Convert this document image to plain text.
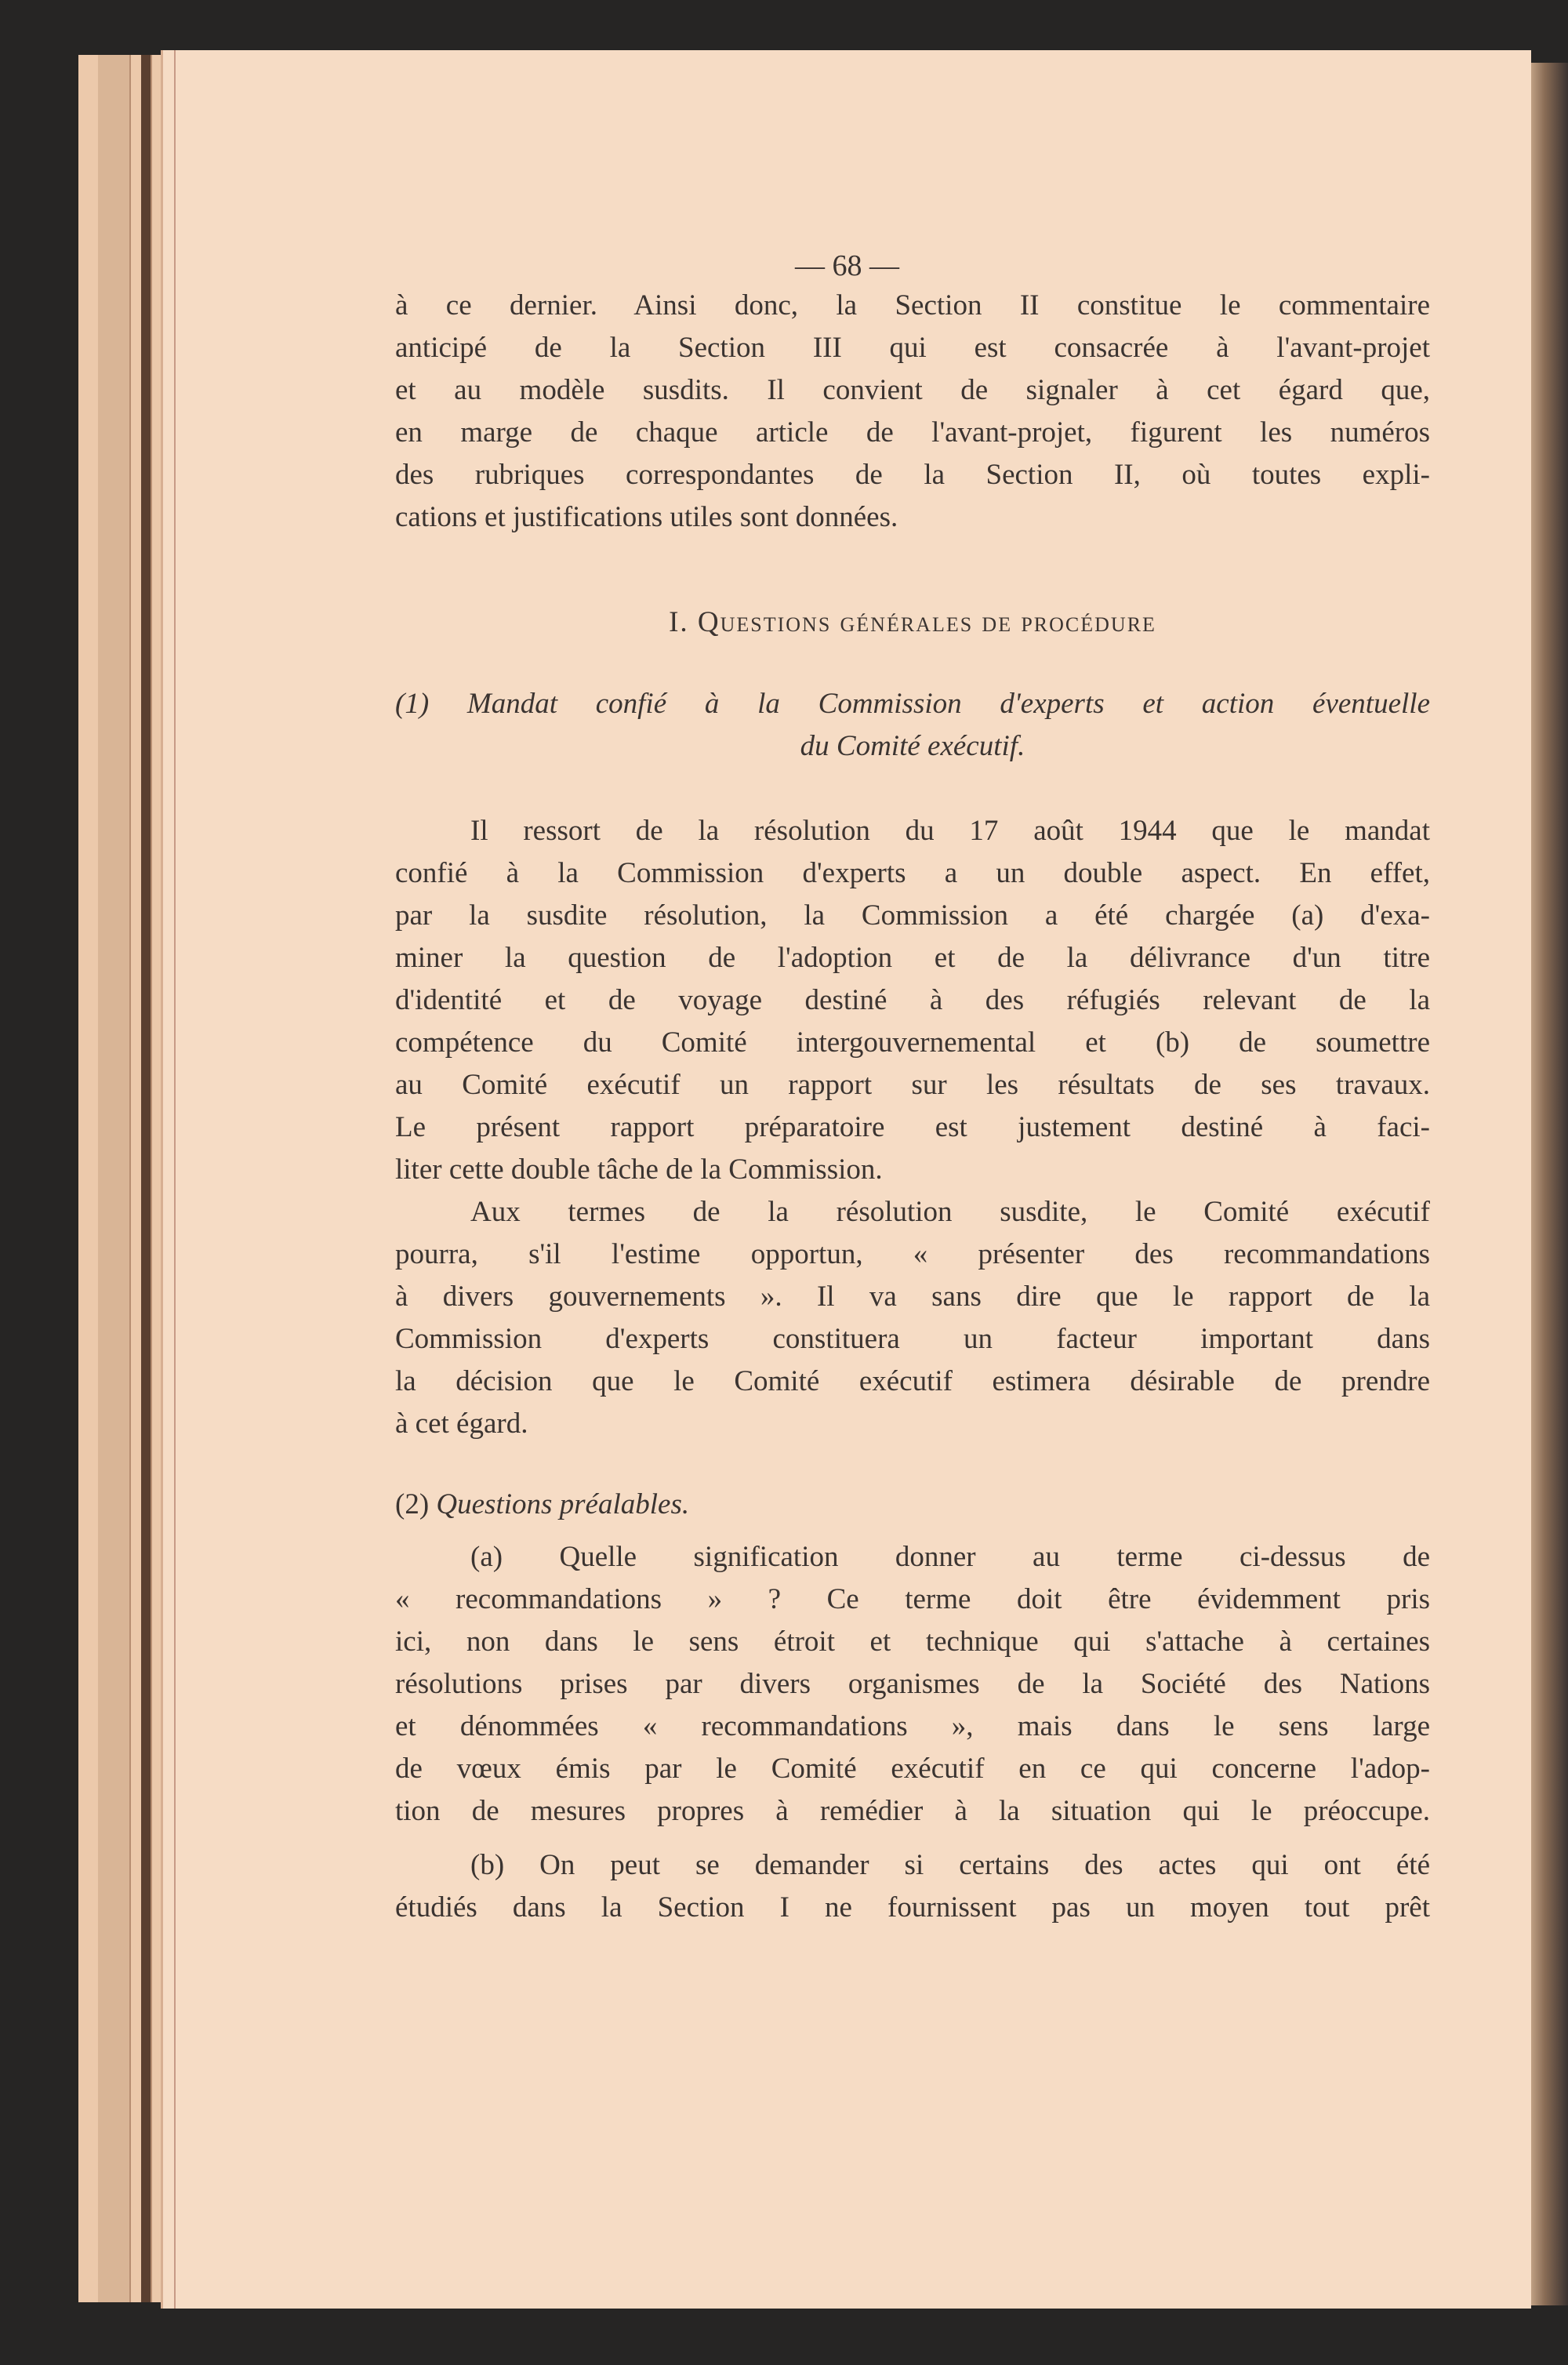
— 68 —
à ce dernier. Ainsi donc, la Section II constitue le commentaire
anticipé de la Section III qui est consacrée à l'avant-projet
et au modèle susdits. Il convient de signaler à cet égard que,
en marge de chaque article de l'avant-projet, figurent les numéros
des rubriques correspondantes de la Section II, où toutes expli-
cations et justifications utiles sont données.
I. Questions générales de procédure
(1) Mandat confié à la Commission d'experts et action éventuelle
du Comité exécutif.
Il ressort de la résolution du 17 août 1944 que le mandat
confié à la Commission d'experts a un double aspect. En effet,
par la susdite résolution, la Commission a été chargée (a) d'exa-
miner la question de l'adoption et de la délivrance d'un titre
d'identité et de voyage destiné à des réfugiés relevant de la
compétence du Comité intergouvernemental et (b) de soumettre
au Comité exécutif un rapport sur les résultats de ses travaux.
Le présent rapport préparatoire est justement destiné à faci-
liter cette double tâche de la Commission.
Aux termes de la résolution susdite, le Comité exécutif
pourra, s'il l'estime opportun, « présenter des recommandations
à divers gouvernements ». Il va sans dire que le rapport de la
Commission d'experts constituera un facteur important dans
la décision que le Comité exécutif estimera désirable de prendre
à cet égard.
(2) Questions préalables.
(a) Quelle signification donner au terme ci-dessus de
« recommandations » ? Ce terme doit être évidemment pris
ici, non dans le sens étroit et technique qui s'attache à certaines
résolutions prises par divers organismes de la Société des Nations
et dénommées « recommandations », mais dans le sens large
de vœux émis par le Comité exécutif en ce qui concerne l'adop-
tion de mesures propres à remédier à la situation qui le préoccupe.
(b) On peut se demander si certains des actes qui ont été
étudiés dans la Section I ne fournissent pas un moyen tout prêt
